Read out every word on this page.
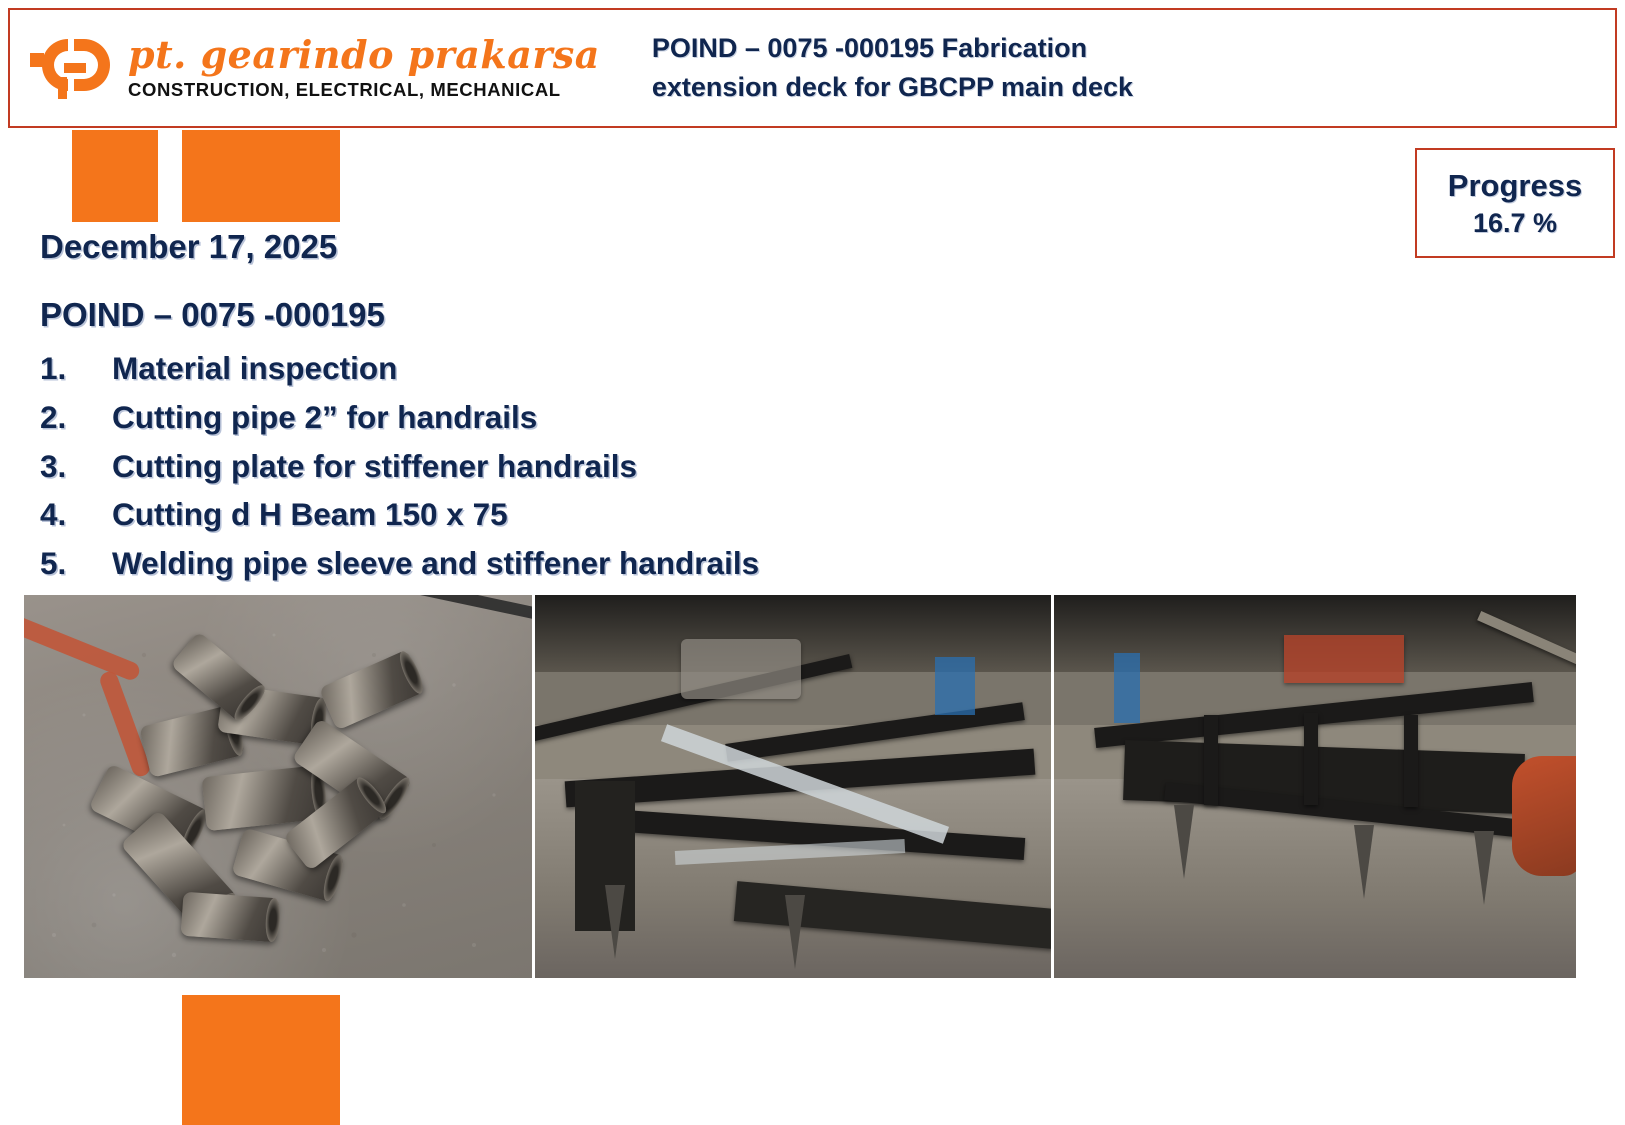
pt. gearindo prakarsa
CONSTRUCTION, ELECTRICAL, MECHANICAL
POIND – 0075 -000195 Fabrication
extension deck for GBCPP main deck
Progress
16.7 %
December 17, 2025
POIND – 0075 -000195
1.	Material inspection
2.	Cutting pipe 2” for handrails
3.	Cutting plate for stiffener handrails
4.	Cutting d H Beam 150 x 75
5.	Welding pipe sleeve and stiffener handrails
